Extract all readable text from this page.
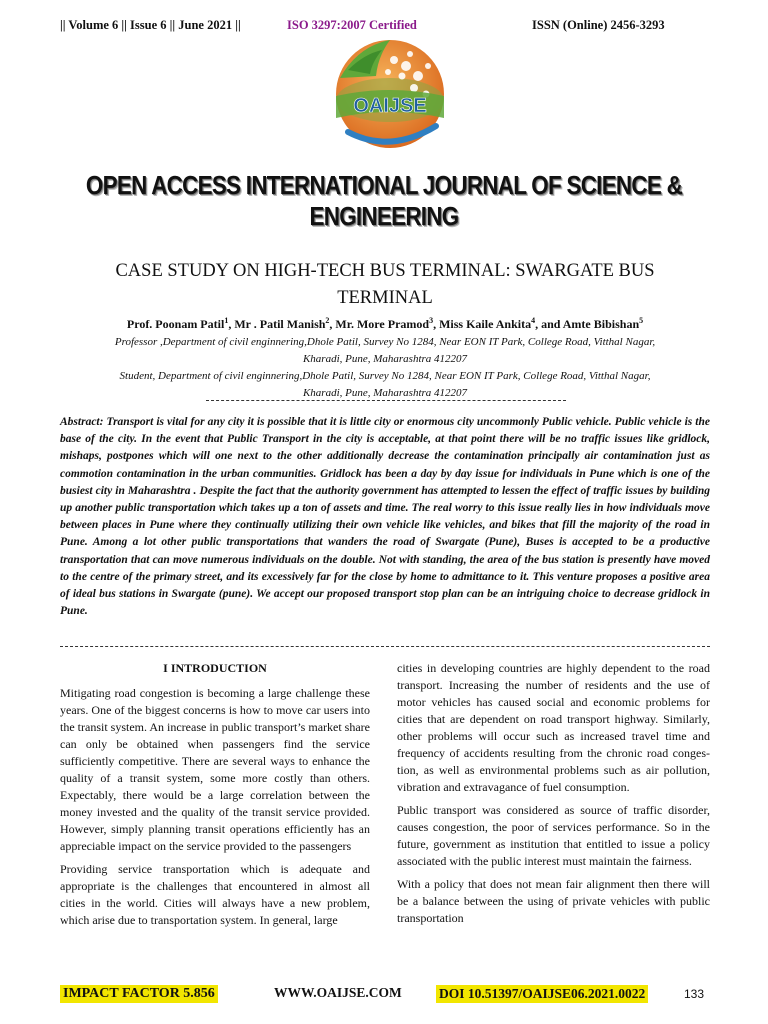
|| Volume 6 || Issue 6 || June 2021 ||	ISO 3297:2007 Certified	ISSN (Online) 2456-3293
OAIJSE
OPEN ACCESS INTERNATIONAL JOURNAL OF SCIENCE & ENGINEERING
CASE STUDY ON HIGH-TECH BUS TERMINAL: SWARGATE BUS
TERMINAL
Prof. Poonam Patil$^1$, Mr . Patil Manish$^2$, Mr. More Pramod$^3$, Miss Kaile Ankita$^4$, and Amte Bibishan$^5$
Professor ,Department of civil enginnering,Dhole Patil, Survey No 1284, Near EON IT Park, College Road, Vitthal Nagar,
Kharadi, Pune, Maharashtra 412207
Student, Department of civil enginnering,Dhole Patil, Survey No 1284, Near EON IT Park, College Road, Vitthal Nagar,
Kharadi, Pune, Maharashtra 412207
Abstract: Transport is vital for any city it is possible that it is little city or enormous city uncommonly Public vehicle. Public vehicle is the base of the city. In the event that Public Transport in the city is acceptable, at that point there will be no traffic issues like gridlock, mishaps, postpones which will one next to the other additionally decrease the contamination principally air contamination just as commotion contamination in the urban communities. Gridlock has been a day by day issue for individuals in Pune which is one of the busiest city in Maharashtra . Despite the fact that the authority government has attempted to lessen the effect of traffic issues by building up another public transportation which takes up a ton of assets and time. The real worry to this issue really lies in how individuals move between places in Pune where they continually utilizing their own vehicle like vehicles, and bikes that fill the majority of the road in Pune. Among a lot other public transportations that wanders the road of Swargate (Pune), Buses is accepted to be a productive transportation that can move numerous individuals on the double. Not with standing, the area of the bus station is presently have moved to the centre of the primary street, and its excessively far for the close by home to admittance to it. This venture proposes a positive area of ideal bus stations in Swargate (pune). We accept our proposed transport stop plan can be an intriguing choice to decrease gridlock in Pune.
I INTRODUCTION

Mitigating road congestion is becoming a large challenge these years. One of the biggest concerns is how to move car users into the transit system. An increase in public transport’s market share can only be obtained when passengers find the service sufficiently competitive. There are several ways to enhance the quality of a transit system, some more costly than others. Expectably, there would be a large correlation between the money invested and the quality of the transit service provided. However, simply planning transit operations efficiently has an appreciable impact on the service provided to the passengers

Providing service transportation which is adequate and appropriate is the challenges that encountered in almost all cities in the world. Cities will always have a new problem, which arise due to transportation system. In general, large

cities in developing countries are highly dependent to the road transport. Increasing the number of residents and the use of motor vehicles has caused social and economic problems for cities that are dependent on road transport highway. Similarly, other problems will occur such as increased travel time and frequency of accidents resulting from the chronic road conges- tion, as well as environmental problems such as air pollution, vibration and extravagance of fuel consumption.

Public transport was considered as source of traffic disorder, causes congestion, the poor of services performance. So in the future, government as institution that entitled to issue a policy associated with the public interest must maintain the fairness.

With a policy that does not mean fair alignment then there will be a balance between the using of private vehicles with public transportation

IMPACT FACTOR 5.856	WWW.OAIJSE.COM	DOI 10.51397/OAIJSE06.2021.0022	133
